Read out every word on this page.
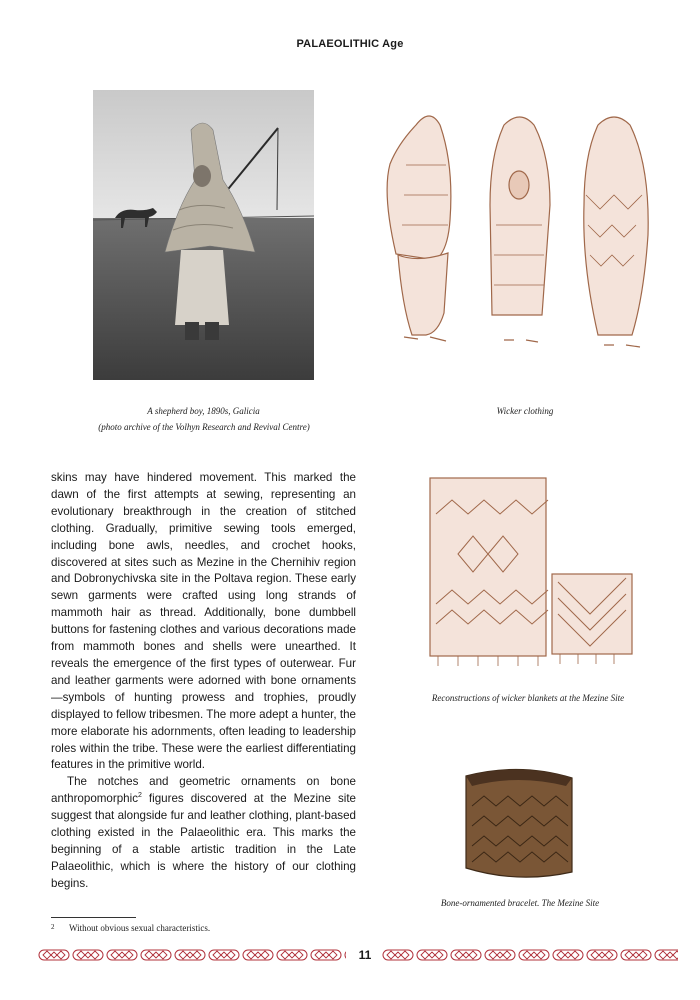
PALAEOLITHIC Age
A shepherd boy, 1890s, Galicia
(photo archive of the Volhyn Research and Revival Centre)
Wicker clothing
Reconstructions of wicker blankets at the Mezine Site
Bone-ornamented bracelet. The Mezine Site

skins may have hindered movement. This marked the dawn of the first attempts at sewing, representing an evolutionary breakthrough in the creation of stitched clothing. Gradually, primitive sewing tools emerged, including bone awls, needles, and crochet hooks, discovered at sites such as Mezine in the Chernihiv region and Dobronychivska site in the Poltava region. These early sewn garments were crafted using long strands of mammoth hair as thread. Additionally, bone dumbbell buttons for fastening clothes and various decorations made from mammoth bones and shells were unearthed. It reveals the emergence of the first types of outerwear. Fur and leather garments were adorned with bone ornaments—symbols of hunting prowess and trophies, proudly displayed to fellow tribesmen. The more adept a hunter, the more elaborate his adornments, often leading to leadership roles within the tribe. These were the earliest differentiating features in the primitive world.

The notches and geometric ornaments on bone anthropomorphic$^2$ figures discovered at the Mezine site suggest that alongside fur and leather clothing, plant-based clothing existed in the Palaeolithic era. This marks the beginning of a stable artistic tradition in the Late Palaeolithic, which is where the history of our clothing begins.

2 Without obvious sexual characteristics.
11
